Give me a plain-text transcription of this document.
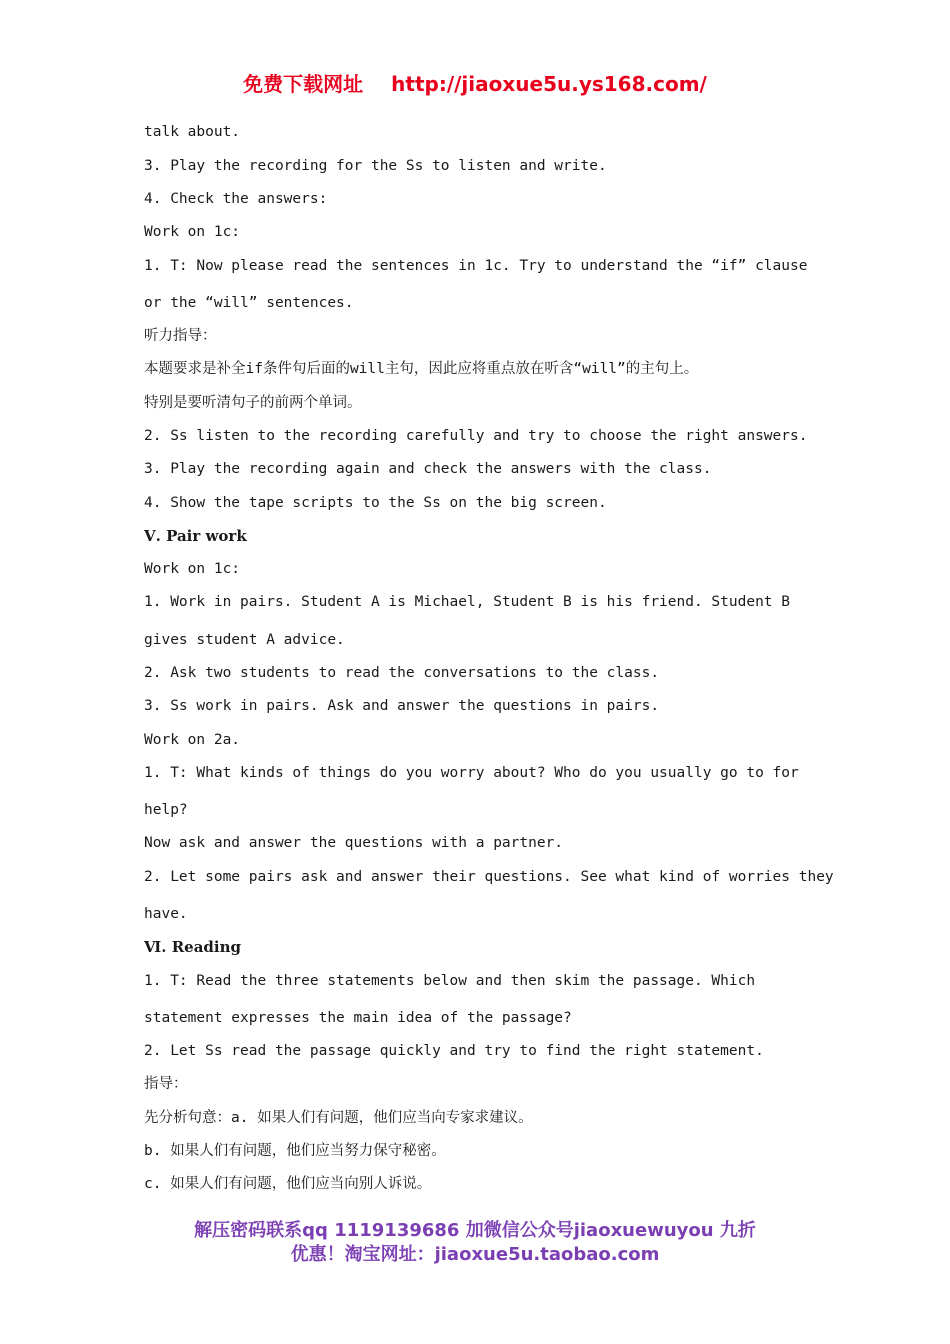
免费下载网址 http://jiaoxue5u.ys168.com/
talk about.
3. Play the recording for the Ss to listen and write.
4. Check the answers:
Work on 1c:
1. T: Now please read the sentences in 1c. Try to understand the “if” clause
or the “will” sentences.
听力指导：
本题要求是补全if条件句后面的will主句，因此应将重点放在听含“will”的主句上。
特别是要听清句子的前两个单词。
2. Ss listen to the recording carefully and try to choose the right answers.
3. Play the recording again and check the answers with the class.
4. Show the tape scripts to the Ss on the big screen.
Ⅴ. Pair work
Work on 1c:
1. Work in pairs. Student A is Michael, Student B is his friend. Student B
gives student A advice.
2. Ask two students to read the conversations to the class.
3. Ss work in pairs. Ask and answer the questions in pairs.
Work on 2a.
1. T: What kinds of things do you worry about? Who do you usually go to for
help?
Now ask and answer the questions with a partner.
2. Let some pairs ask and answer their questions. See what kind of worries they
have.
Ⅵ. Reading
1. T: Read the three statements below and then skim the passage. Which
statement expresses the main idea of the passage?
2. Let Ss read the passage quickly and try to find the right statement.
指导：
先分析句意：a. 如果人们有问题，他们应当向专家求建议。
b. 如果人们有问题，他们应当努力保守秘密。
c. 如果人们有问题，他们应当向别人诉说。
解压密码联系qq 1119139686 加微信公众号jiaoxuewuyou 九折
优惠！淘宝网址：jiaoxue5u.taobao.com
